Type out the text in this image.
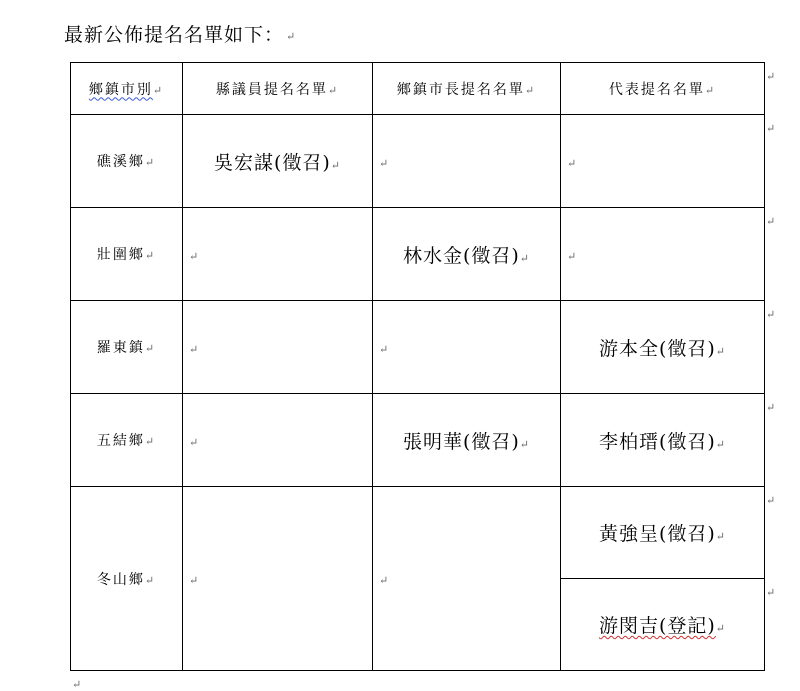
最新公佈提名名單如下： ↵
鄉鎮市別↵	縣議員提名名單↵	鄉鎮市長提名名單↵	代表提名名單↵
礁溪鄉↵	吳宏謀(徵召)↵	↵	↵
壯圍鄉↵	↵	林水金(徵召)↵	↵
羅東鎮↵	↵	↵	游本全(徵召)↵
五結鄉↵	↵	張明華(徵召)↵	李柏瑨(徵召)↵
冬山鄉↵	↵	↵	黃強呈(徵召)↵
			游閔吉(登記)↵
↵
↵
↵
↵
↵
↵
↵
↵
